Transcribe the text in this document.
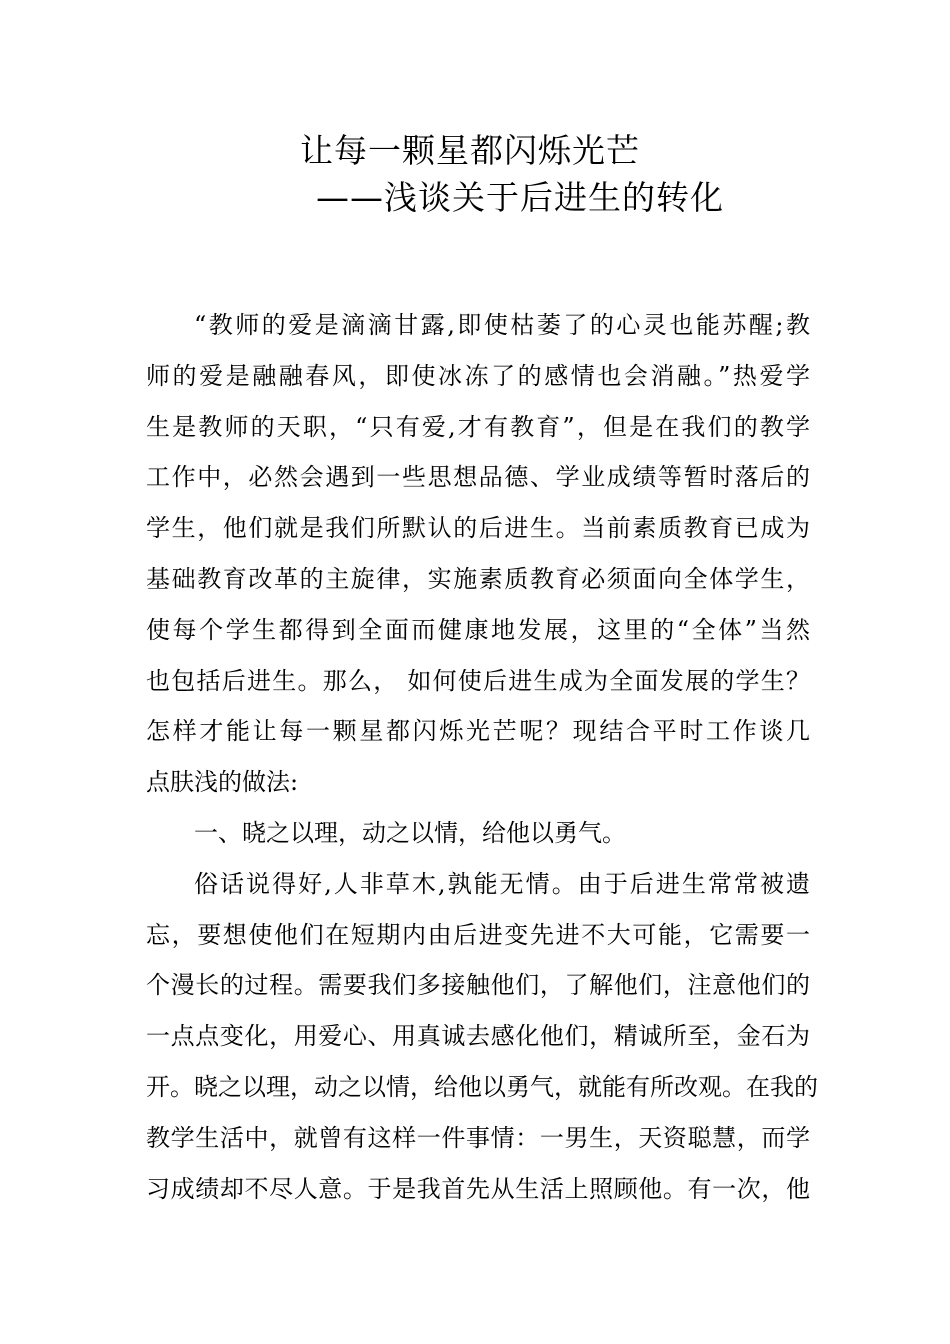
让每一颗星都闪烁光芒
——浅谈关于后进生的转化
“教师的爱是滴滴甘露,即使枯萎了的心灵也能苏醒;教
师的爱是融融春风，即使冰冻了的感情也会消融。”热爱学
生是教师的天职，“只有爱,才有教育”，但是在我们的教学
工作中，必然会遇到一些思想品德、学业成绩等暂时落后的
学生，他们就是我们所默认的后进生。当前素质教育已成为
基础教育改革的主旋律，实施素质教育必须面向全体学生，
使每个学生都得到全面而健康地发展，这里的“全体”当然
也包括后进生。那么， 如何使后进生成为全面发展的学生？
怎样才能让每一颗星都闪烁光芒呢？现结合平时工作谈几
点肤浅的做法:
一、晓之以理，动之以情，给他以勇气。
俗话说得好,人非草木,孰能无情。由于后进生常常被遗
忘，要想使他们在短期内由后进变先进不大可能，它需要一
个漫长的过程。需要我们多接触他们，了解他们，注意他们的
一点点变化，用爱心、用真诚去感化他们，精诚所至，金石为
开。晓之以理，动之以情，给他以勇气，就能有所改观。在我的
教学生活中，就曾有这样一件事情：一男生，天资聪慧，而学
习成绩却不尽人意。于是我首先从生活上照顾他。有一次，他
